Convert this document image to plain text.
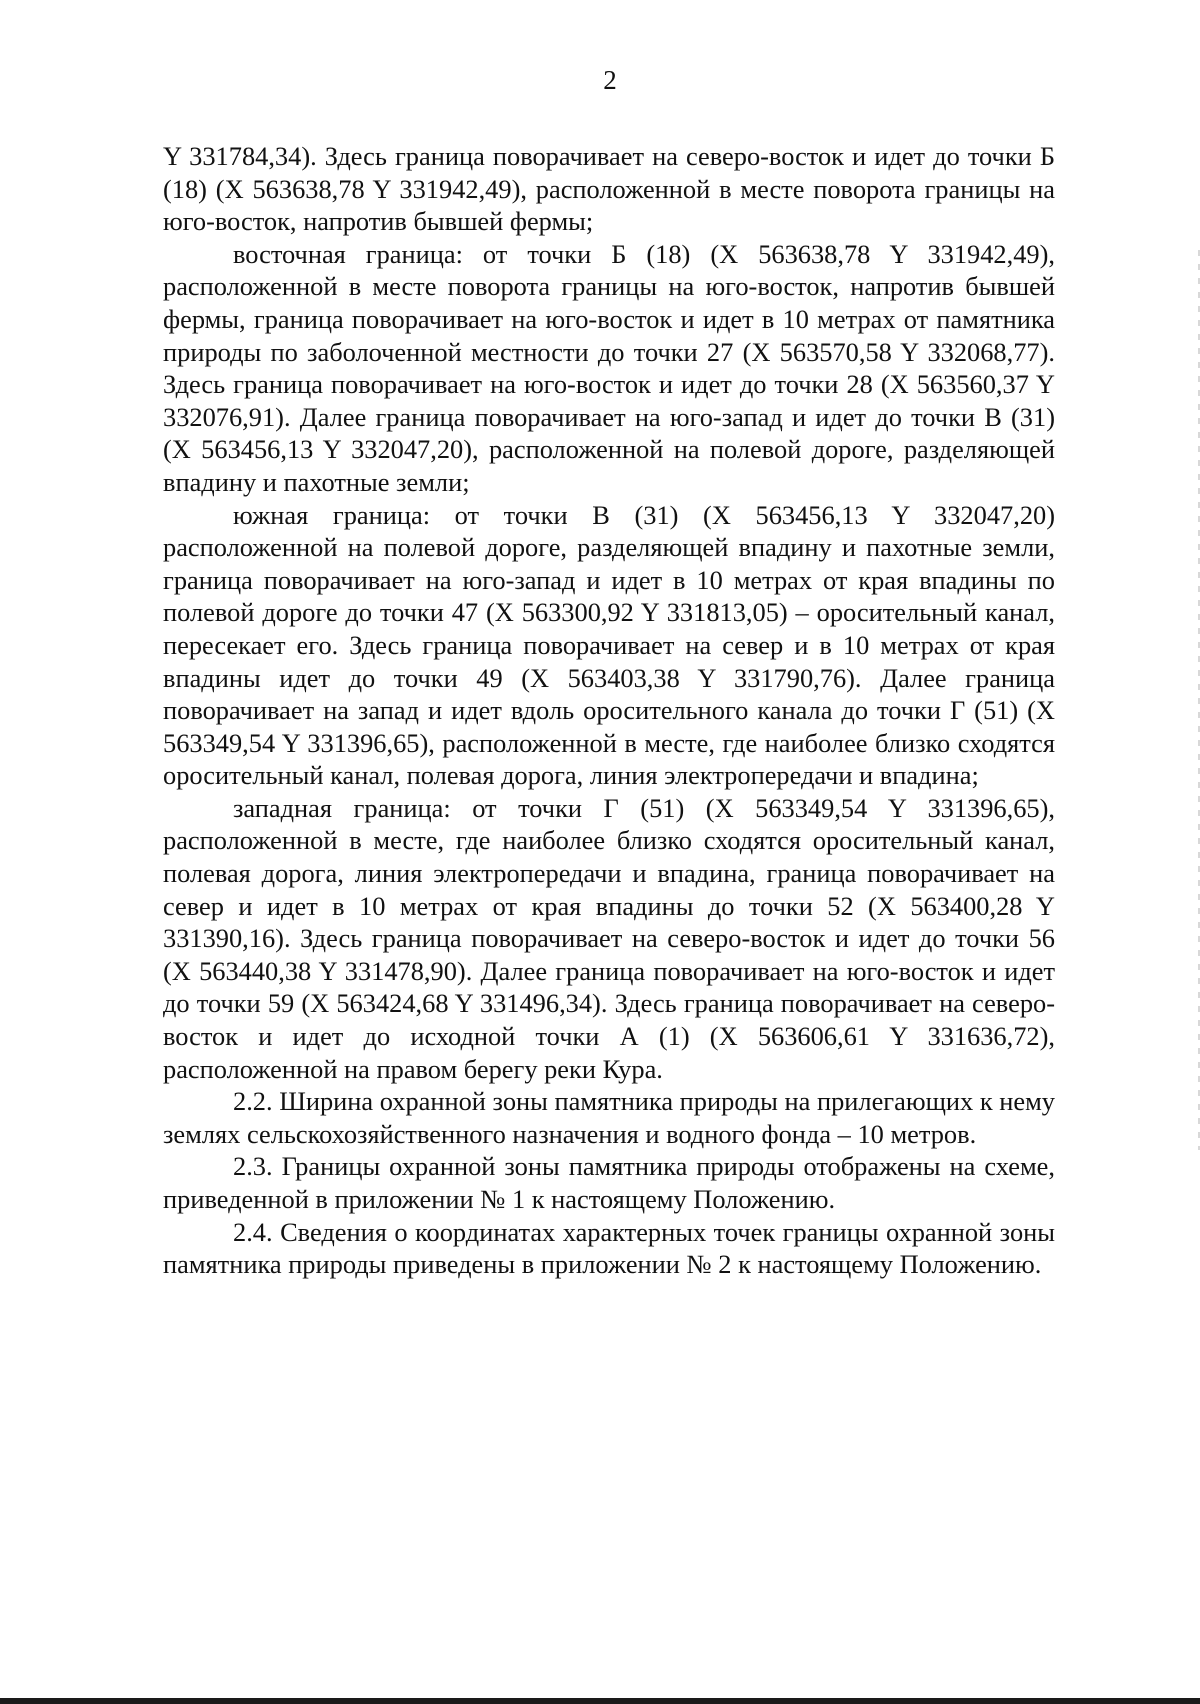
2

Y 331784,34). Здесь граница поворачивает на северо-восток и идет до точки Б (18) (X 563638,78 Y 331942,49), расположенной в месте поворота границы на юго-восток, напротив бывшей фермы;

восточная граница: от точки Б (18) (X 563638,78 Y 331942,49), расположенной в месте поворота границы на юго-восток, напротив бывшей фермы, граница поворачивает на юго-восток и идет в 10 метрах от памятника природы по заболоченной местности до точки 27 (X 563570,58 Y 332068,77). Здесь граница поворачивает на юго-восток и идет до точки 28 (X 563560,37 Y 332076,91). Далее граница поворачивает на юго-запад и идет до точки В (31) (X 563456,13 Y 332047,20), расположенной на полевой дороге, разделяющей впадину и пахотные земли;

южная граница: от точки В (31) (X 563456,13 Y 332047,20) расположенной на полевой дороге, разделяющей впадину и пахотные земли, граница поворачивает на юго-запад и идет в 10 метрах от края впадины по полевой дороге до точки 47 (X 563300,92 Y 331813,05) – оросительный канал, пересекает его. Здесь граница поворачивает на север и в 10 метрах от края впадины идет до точки 49 (X 563403,38 Y 331790,76). Далее граница поворачивает на запад и идет вдоль оросительного канала до точки Г (51) (X 563349,54 Y 331396,65), расположенной в месте, где наиболее близко сходятся оросительный канал, полевая дорога, линия электропередачи и впадина;

западная граница: от точки Г (51) (X 563349,54 Y 331396,65), расположенной в месте, где наиболее близко сходятся оросительный канал, полевая дорога, линия электропередачи и впадина, граница поворачивает на север и идет в 10 метрах от края впадины до точки 52 (X 563400,28 Y 331390,16). Здесь граница поворачивает на северо-восток и идет до точки 56 (X 563440,38 Y 331478,90). Далее граница поворачивает на юго-восток и идет до точки 59 (X 563424,68 Y 331496,34). Здесь граница поворачивает на северо-восток и идет до исходной точки А (1) (X 563606,61 Y 331636,72), расположенной на правом берегу реки Кура.

2.2. Ширина охранной зоны памятника природы на прилегающих к нему землях сельскохозяйственного назначения и водного фонда – 10 метров.

2.3. Границы охранной зоны памятника природы отображены на схеме, приведенной в приложении № 1 к настоящему Положению.

2.4. Сведения о координатах характерных точек границы охранной зоны памятника природы приведены в приложении № 2 к настоящему Положению.
